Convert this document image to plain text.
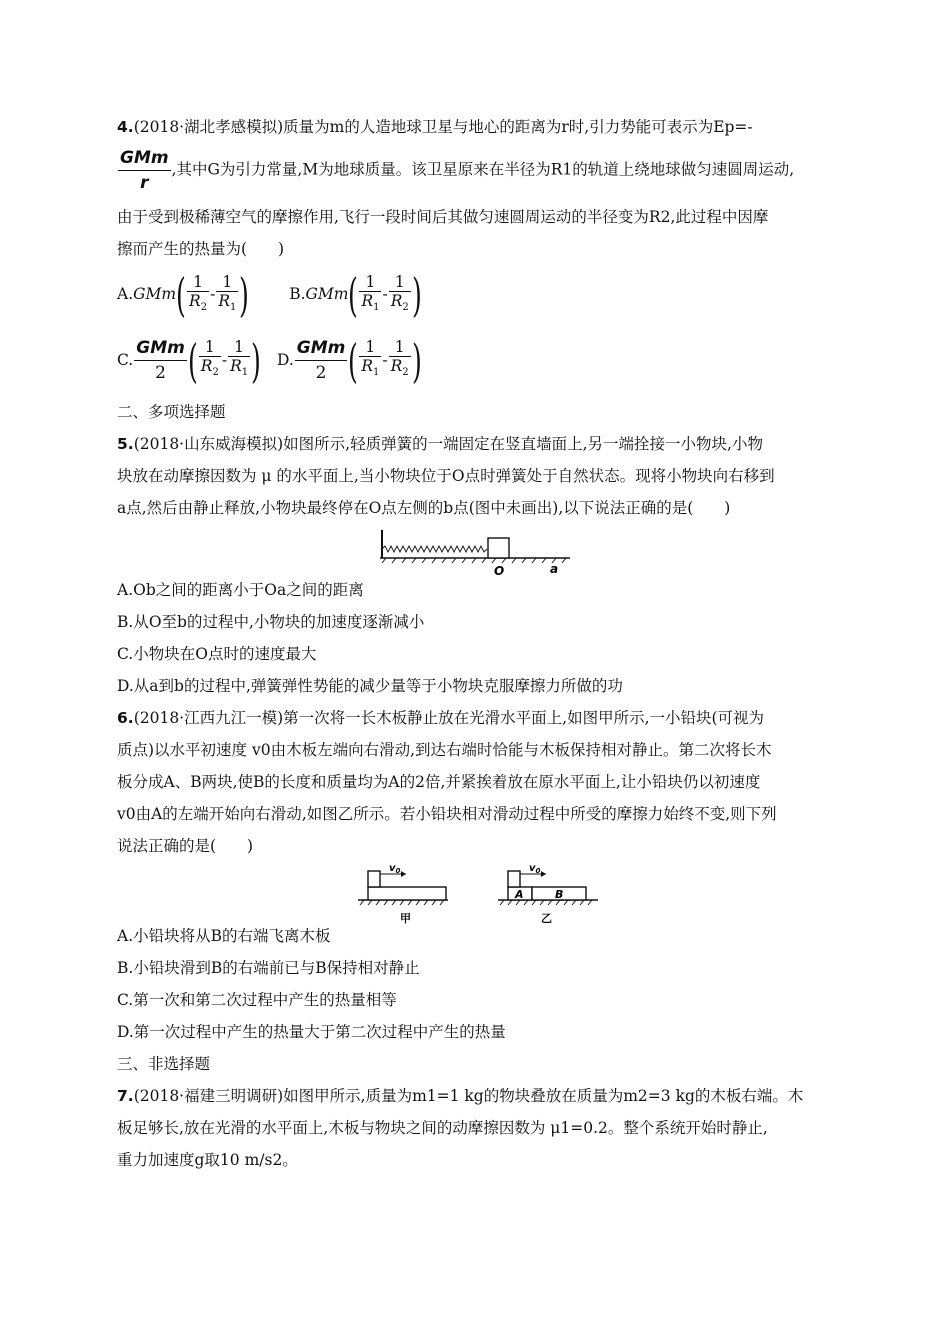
4.(2018·湖北孝感模拟)质量为m的人造地球卫星与地心的距离为r时,引力势能可表示为Ep=-
$\frac{\text{GMm}}{r}$ ,其中G为引力常量,M为地球质量。该卫星原来在半径为R1的轨道上绕地球做匀速圆周运动,
由于受到极稀薄空气的摩擦作用,飞行一段时间后其做匀速圆周运动的半径变为R2,此过程中因摩
擦而产生的热量为(　　)
$A.GMm( \frac{1}{R_2} - \frac{1}{R_1}$ )	$B.GMm( \frac{1}{R_1} - \frac{1}{R_2}$ )
C. $\frac{\text{GMm}}{2}$ ( $\frac{1}{R_2} - \frac{1}{R_1}$ ) D. $\frac{\text{GMm}}{2}$ ( $\frac{1}{R_1} - \frac{1}{R_2}$ )
二、多项选择题
5.(2018·山东威海模拟)如图所示,轻质弹簧的一端固定在竖直墙面上,另一端拴接一小物块,小物
块放在动摩擦因数为 μ 的水平面上,当小物块位于O点时弹簧处于自然状态。现将小物块向右移到
a点,然后由静止释放,小物块最终停在O点左侧的b点(图中未画出),以下说法正确的是(　　)
O	a
A.Ob之间的距离小于Oa之间的距离
B.从O至b的过程中,小物块的加速度逐渐减小
C.小物块在O点时的速度最大
D.从a到b的过程中,弹簧弹性势能的减少量等于小物块克服摩擦力所做的功
6.(2018·江西九江一模)第一次将一长木板静止放在光滑水平面上,如图甲所示,一小铅块(可视为
质点)以水平初速度 v0由木板左端向右滑动,到达右端时恰能与木板保持相对静止。第二次将长木
板分成A、B两块,使B的长度和质量均为A的2倍,并紧挨着放在原水平面上,让小铅块仍以初速度
v0由A的左端开始向右滑动,如图乙所示。若小铅块相对滑动过程中所受的摩擦力始终不变,则下列
说法正确的是(　　)
$v_0$
甲
$v_0$
A	B
乙
A.小铅块将从B的右端飞离木板
B.小铅块滑到B的右端前已与B保持相对静止
C.第一次和第二次过程中产生的热量相等
D.第一次过程中产生的热量大于第二次过程中产生的热量
三、非选择题
7.(2018·福建三明调研)如图甲所示,质量为m1=1 kg的物块叠放在质量为m2=3 kg的木板右端。木
板足够长,放在光滑的水平面上,木板与物块之间的动摩擦因数为 μ1=0.2。整个系统开始时静止,
重力加速度g取10 m/s2。
